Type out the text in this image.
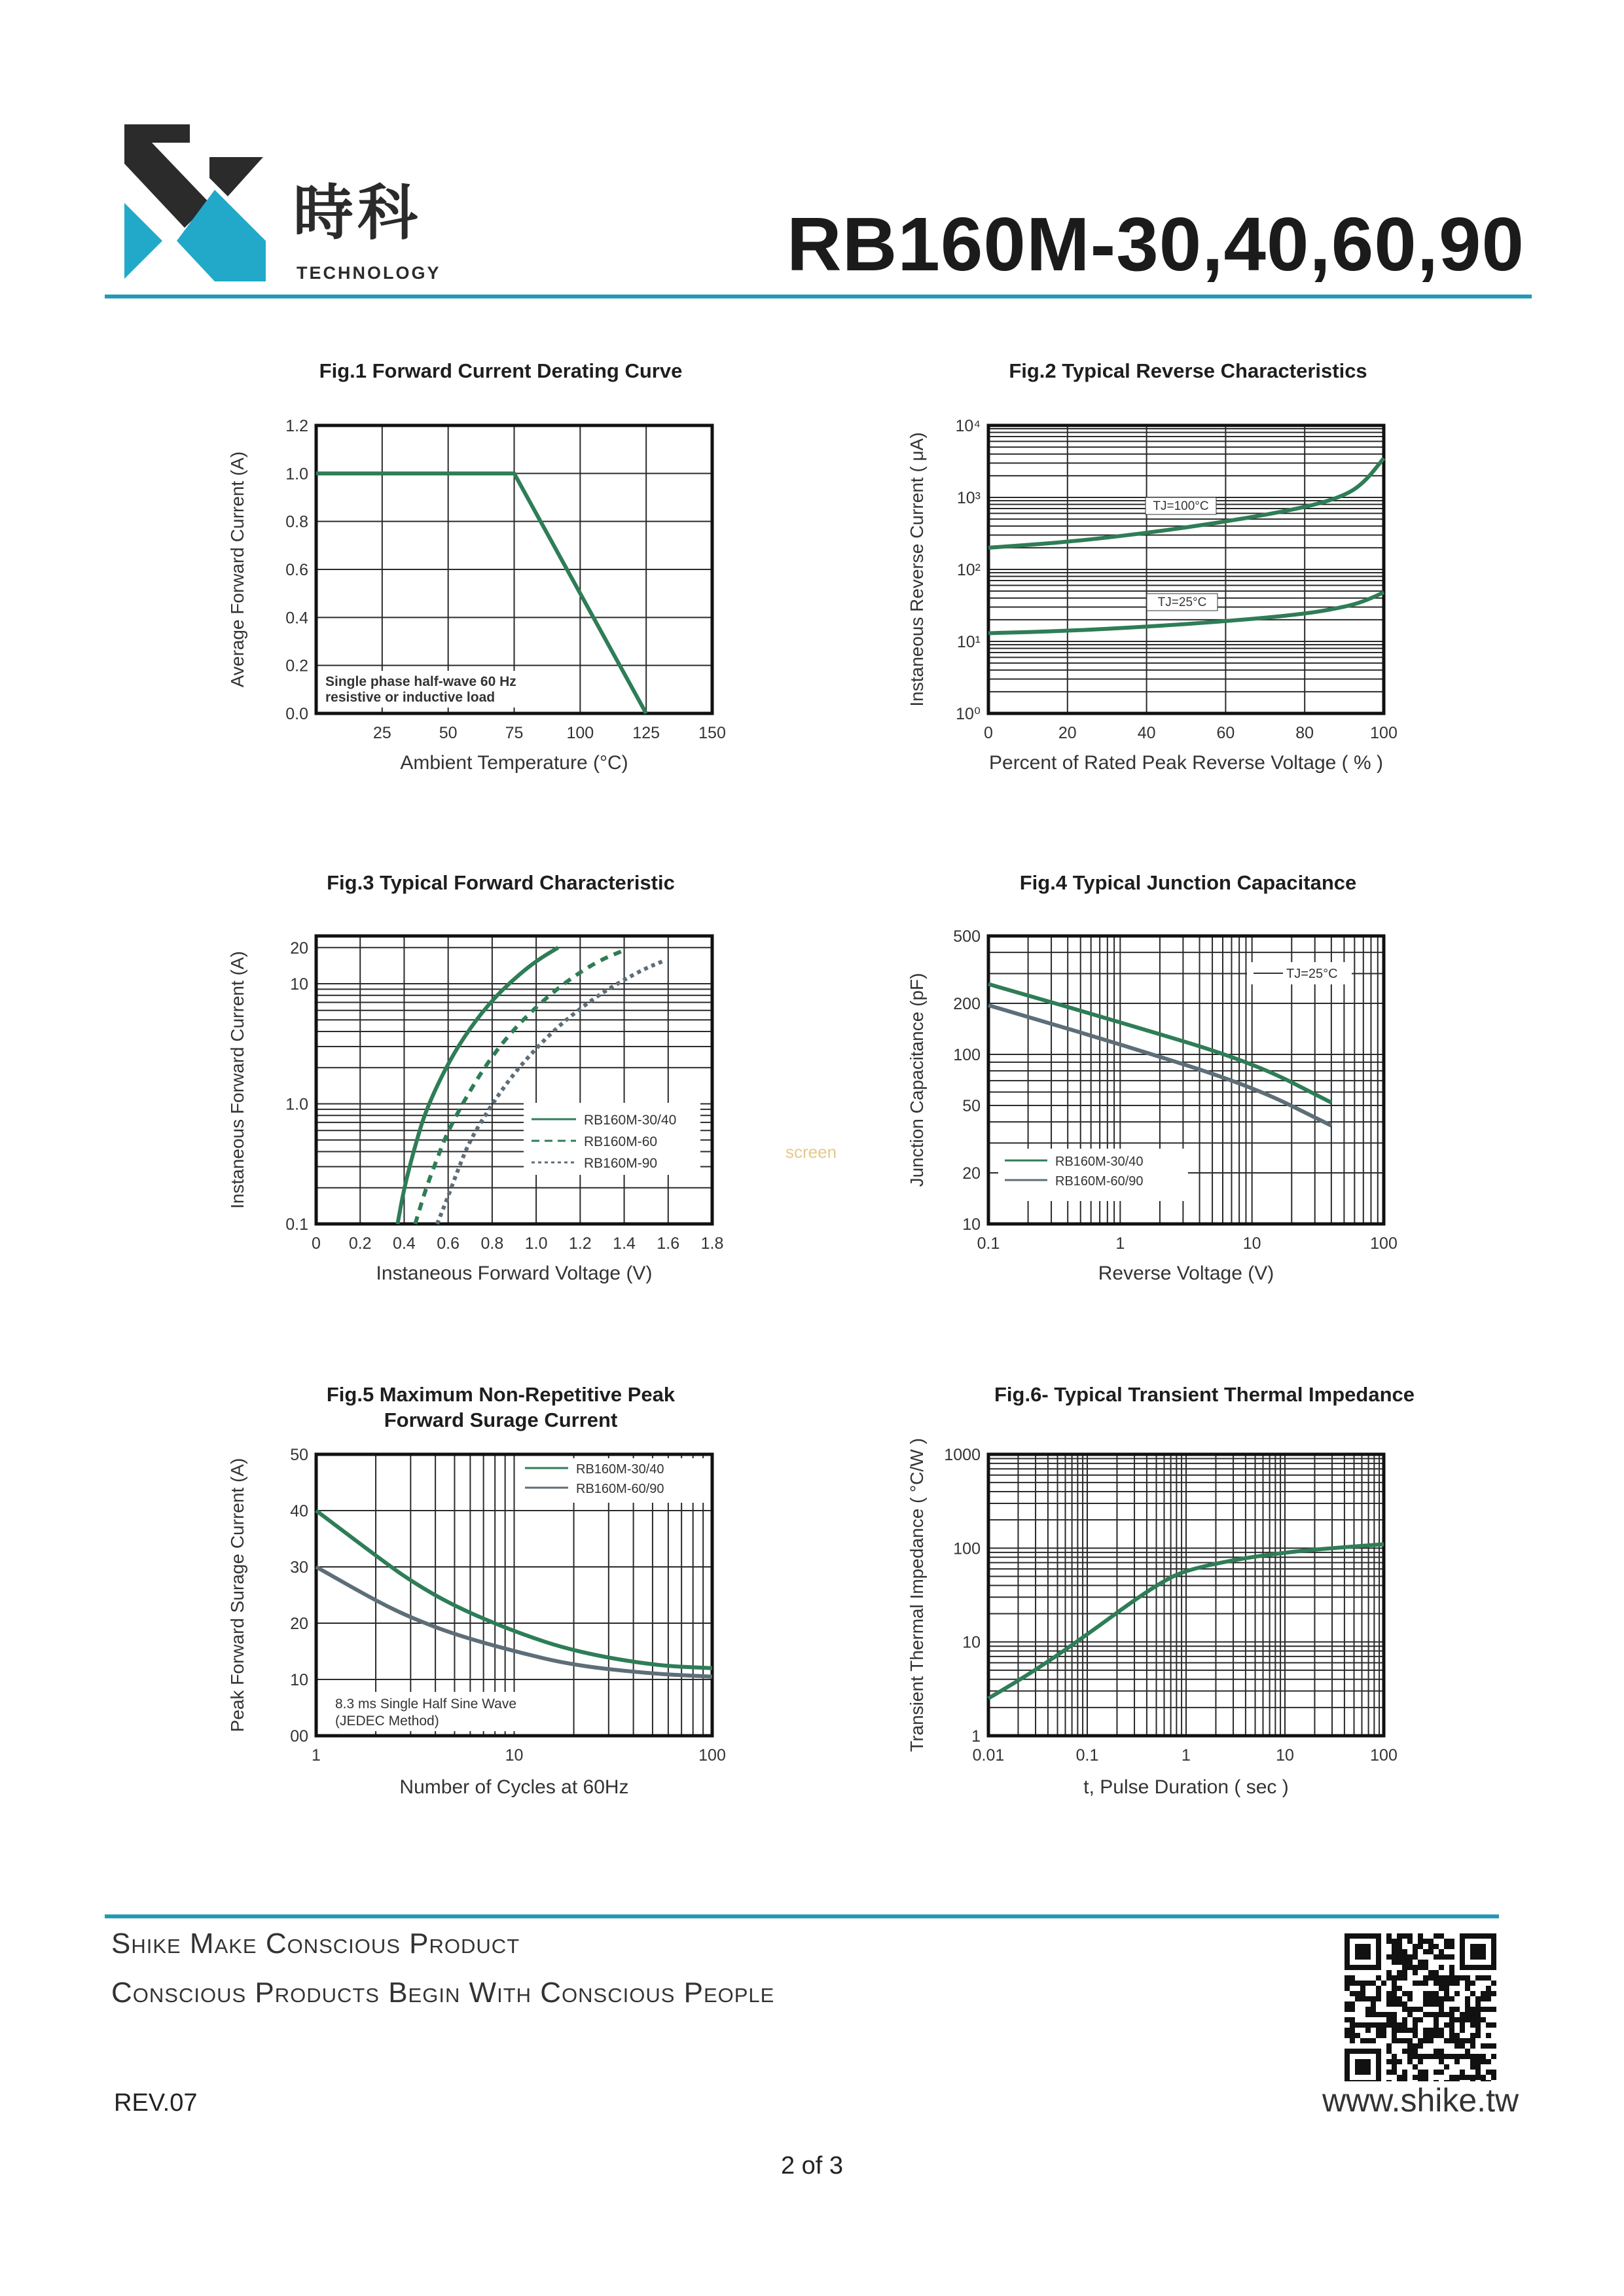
時科
TECHNOLOGY	RB160M-30,40,60,90
Fig.1 Forward Current Derating Curve	Fig.2 Typical Reverse Characteristics
Fig.3 Typical Forward Characteristic	Fig.4 Typical Junction Capacitance
Fig.5 Maximum Non-Repetitive Peak
Forward Surage Current
Fig.6- Typical Transient Thermal Impedance
25	50	75	100 125 150
0.0
0.2
0.4
0.6
0.8
1.0
1.2
Ambient Temperature (°C)
Average Forward Current (A)
0	20	40	60	80	100
10⁰
10¹
10²
10³
10⁴
Percent of Rated Peak Reverse Voltage ( % )
Instaneous Reverse Current ( μA)
0 0.2 0.4 0.6 0.8 1.0 1.2 1.4 1.6 1.8
0.1
1.0
10
20
Instaneous Forward Voltage (V)
Instaneous Forward Current (A)
0.1	1	10	100
10
20
50
100
200
500
Reverse Voltage (V)
Junction Capacitance (pF)
1	10	100
00
10
20
30
40
50
Number of Cycles at 60Hz
Peak Forward Surage Current (A)
0.01	0.1	1	10	100
1
10
100
1000
t, Pulse Duration ( sec )
Transient Thermal Impedance ( °C/W )
Single phase half-wave 60 Hz
resistive or inductive load
TJ=100°C
TJ=25°C
RB160M-30/40
RB160M-60
RB160M-90
TJ=25°C
RB160M-30/40
RB160M-60/90
RB160M-30/40
RB160M-60/90
8.3 ms Single Half Sine Wave
(JEDEC Method)
screen
Shike Make Conscious Product
Conscious Products Begin With Conscious People
REV.07	www.shike.tw
2 of 3
